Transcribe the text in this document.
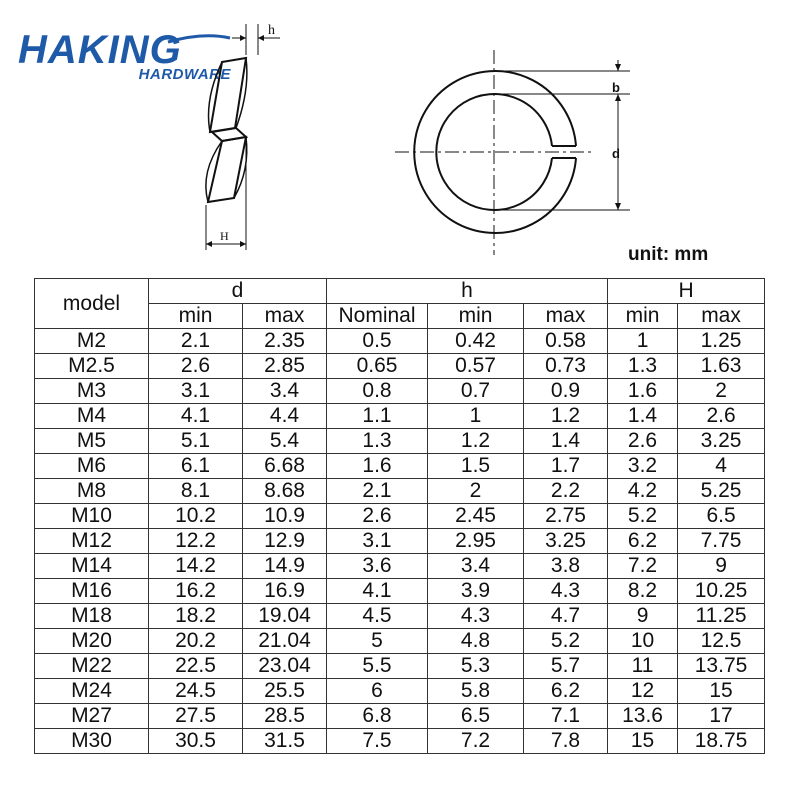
HAKING
HARDWARE
h
H
b
d
unit: mm
model	d		h			H	
	min	max	Nominal	min	max	min	max
M2	2.1	2.35	0.5	0.42	0.58	1	1.25
M2.5	2.6	2.85	0.65	0.57	0.73	1.3	1.63
M3	3.1	3.4	0.8	0.7	0.9	1.6	2
M4	4.1	4.4	1.1	1	1.2	1.4	2.6
M5	5.1	5.4	1.3	1.2	1.4	2.6	3.25
M6	6.1	6.68	1.6	1.5	1.7	3.2	4
M8	8.1	8.68	2.1	2	2.2	4.2	5.25
M10	10.2	10.9	2.6	2.45	2.75	5.2	6.5
M12	12.2	12.9	3.1	2.95	3.25	6.2	7.75
M14	14.2	14.9	3.6	3.4	3.8	7.2	9
M16	16.2	16.9	4.1	3.9	4.3	8.2	10.25
M18	18.2	19.04	4.5	4.3	4.7	9	11.25
M20	20.2	21.04	5	4.8	5.2	10	12.5
M22	22.5	23.04	5.5	5.3	5.7	11	13.75
M24	24.5	25.5	6	5.8	6.2	12	15
M27	27.5	28.5	6.8	6.5	7.1	13.6	17
M30	30.5	31.5	7.5	7.2	7.8	15	18.75
